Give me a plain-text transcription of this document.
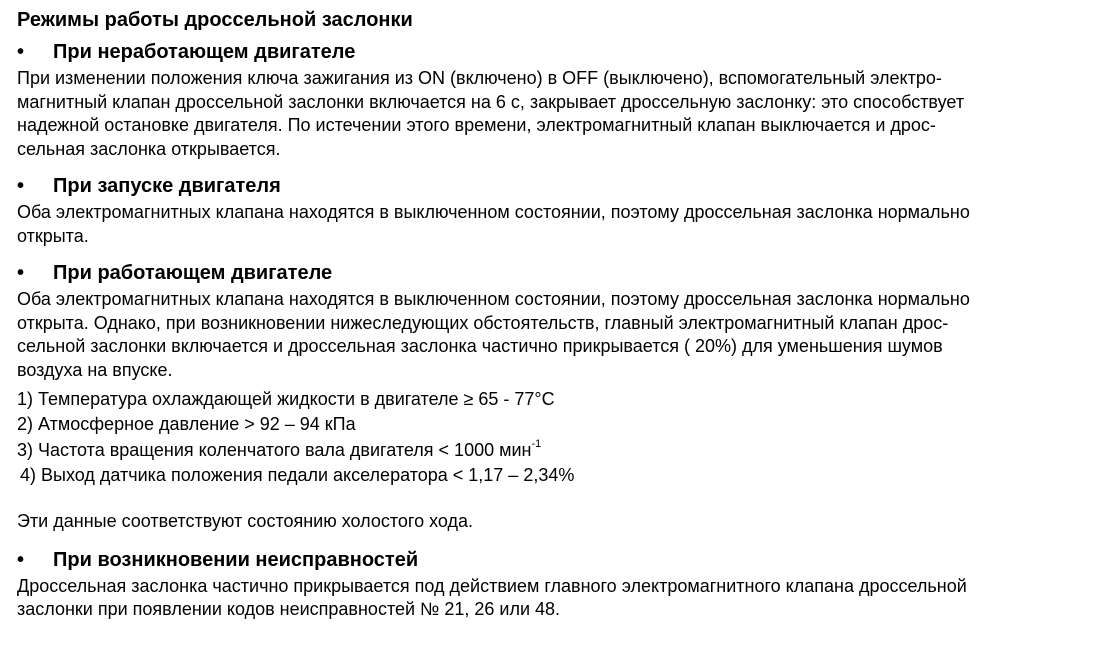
Режимы работы дроссельной заслонки
•	При неработающем двигателе
При изменении положения ключа зажигания из ON (включено) в OFF (выключено), вспомогательный электро-
магнитный клапан дроссельной заслонки включается на 6 с, закрывает дроссельную заслонку: это способствует
надежной остановке двигателя. По истечении этого времени, электромагнитный клапан выключается и дрос-
сельная заслонка открывается.
•	При запуске двигателя
Оба электромагнитных клапана находятся в выключенном состоянии, поэтому дроссельная заслонка нормально
открыта.
•	При работающем двигателе
Оба электромагнитных клапана находятся в выключенном состоянии, поэтому дроссельная заслонка нормально
открыта. Однако, при возникновении нижеследующих обстоятельств, главный электромагнитный клапан дрос-
сельной заслонки включается и дроссельная заслонка частично прикрывается ( 20%) для уменьшения шумов
воздуха на впуске.
1) Температура охлаждающей жидкости в двигателе ≥ 65 - 77°C
2) Атмосферное давление > 92 – 94 кПа
3) Частота вращения коленчатого вала двигателя < 1000 мин$^{-1}$
4) Выход датчика положения педали акселератора < 1,17 – 2,34%
Эти данные соответствуют состоянию холостого хода.
•	При возникновении неисправностей
Дроссельная заслонка частично прикрывается под действием главного электромагнитного клапана дроссельной
заслонки при появлении кодов неисправностей № 21, 26 или 48.
